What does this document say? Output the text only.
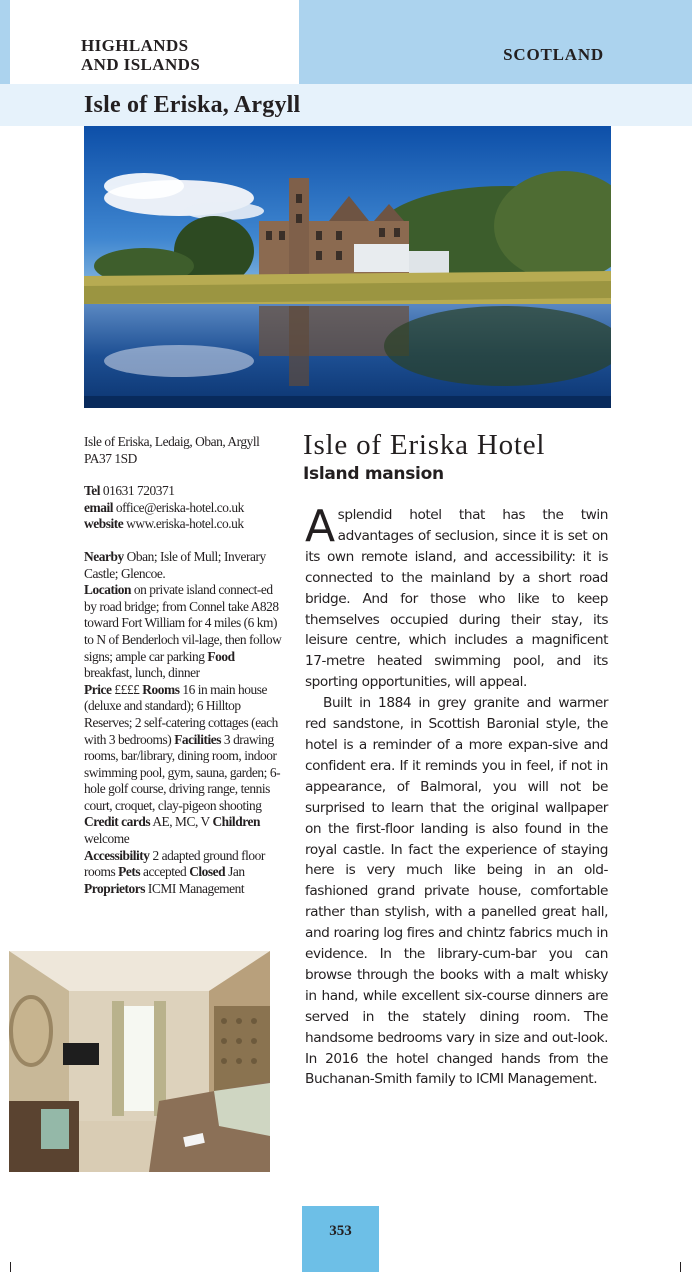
HIGHLANDS
AND ISLANDS
SCOTLAND
Isle of Eriska, Argyll

Isle of Eriska, Ledaig, Oban, Argyll PA37 1SD

Tel 01631 720371

email office@eriska-hotel.co.uk

website www.eriska-hotel.co.uk

Nearby Oban; Isle of Mull; Inverary Castle; Glencoe.
Location on private island connect-ed by road bridge; from Connel take A828 toward Fort William for 4 miles (6 km) to N of Benderloch vil-lage, then follow signs; ample car parking Food breakfast, lunch, dinner
Price ££££ Rooms 16 in main house (deluxe and standard); 6 Hilltop Reserves; 2 self-catering cottages (each with 3 bedrooms) Facilities 3 drawing rooms, bar/library, dining room, indoor swimming pool, gym, sauna, garden; 6-hole golf course, driving range, tennis court, croquet, clay-pigeon shooting Credit cards AE, MC, V Children welcome
Accessibility 2 adapted ground floor rooms Pets accepted Closed Jan
Proprietors ICMI Management

Isle of Eriska Hotel
Island mansion

Asplendid hotel that has the twin advantages of seclusion, since it is set on its own remote island, and accessibility: it is connected to the mainland by a short road bridge. And for those who like to keep themselves occupied during their stay, its leisure centre, which includes a magnificent 17-metre heated swimming pool, and its sporting opportunities, will appeal.

Built in 1884 in grey granite and warmer red sandstone, in Scottish Baronial style, the hotel is a reminder of a more expan-sive and confident era. If it reminds you in feel, if not in appearance, of Balmoral, you will not be surprised to learn that the original wallpaper on the first-floor landing is also found in the royal castle. In fact the experience of staying here is very much like being in an old-fashioned grand private house, comfortable rather than stylish, with a panelled great hall, and roaring log fires and chintz fabrics much in evidence. In the library-cum-bar you can browse through the books with a malt whisky in hand, while excellent six-course dinners are served in the stately dining room. The handsome bedrooms vary in size and out-look. In 2016 the hotel changed hands from the Buchanan-Smith family to ICMI Management.

353
